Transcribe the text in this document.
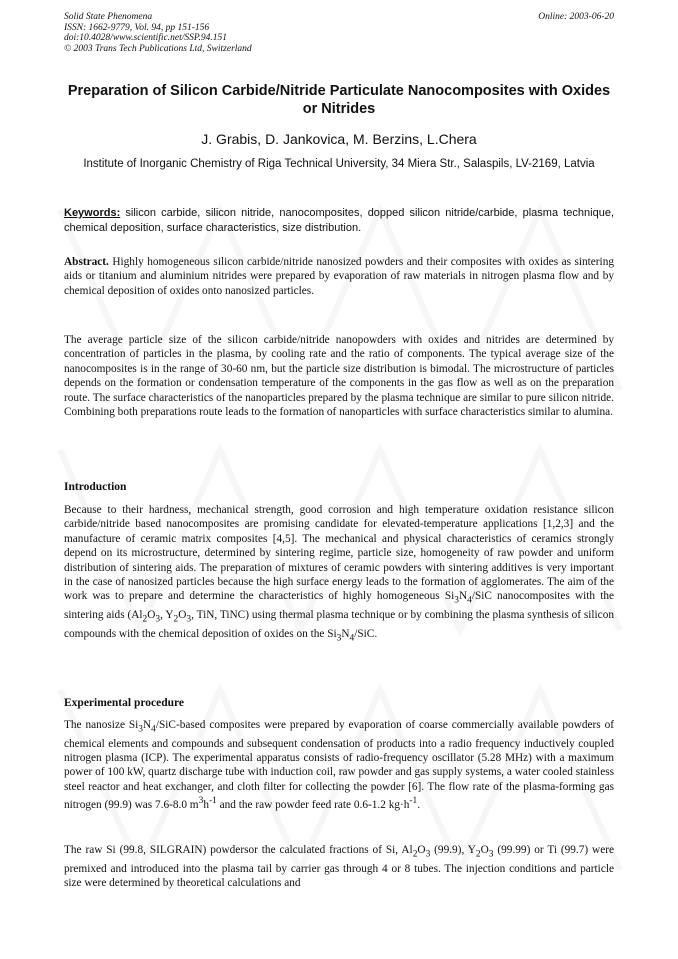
Solid State Phenomena
ISSN: 1662-9779, Vol. 94, pp 151-156
doi:10.4028/www.scientific.net/SSP.94.151
© 2003 Trans Tech Publications Ltd, Switzerland
Online: 2003-06-20
Preparation of Silicon Carbide/Nitride Particulate Nanocomposites with Oxides or Nitrides
J. Grabis, D. Jankovica, M. Berzins, L.Chera
Institute of Inorganic Chemistry of Riga Technical University, 34 Miera Str., Salaspils, LV-2169, Latvia
Keywords: silicon carbide, silicon nitride, nanocomposites, dopped silicon nitride/carbide, plasma technique, chemical deposition, surface characteristics, size distribution.
Abstract. Highly homogeneous silicon carbide/nitride nanosized powders and their composites with oxides as sintering aids or titanium and aluminium nitrides were prepared by evaporation of raw materials in nitrogen plasma flow and by chemical deposition of oxides onto nanosized particles.
The average particle size of the silicon carbide/nitride nanopowders with oxides and nitrides are determined by concentration of particles in the plasma, by cooling rate and the ratio of components. The typical average size of the nanocomposites is in the range of 30-60 nm, but the particle size distribution is bimodal. The microstructure of particles depends on the formation or condensation temperature of the components in the gas flow as well as on the preparation route. The surface characteristics of the nanoparticles prepared by the plasma technique are similar to pure silicon nitride. Combining both preparations route leads to the formation of nanoparticles with surface characteristics similar to alumina.
Introduction
Because to their hardness, mechanical strength, good corrosion and high temperature oxidation resistance silicon carbide/nitride based nanocomposites are promising candidate for elevated-temperature applications [1,2,3] and the manufacture of ceramic matrix composites [4,5]. The mechanical and physical characteristics of ceramics strongly depend on its microstructure, determined by sintering regime, particle size, homogeneity of raw powder and uniform distribution of sintering aids. The preparation of mixtures of ceramic powders with sintering additives is very important in the case of nanosized particles because the high surface energy leads to the formation of agglomerates. The aim of the work was to prepare and determine the characteristics of highly homogeneous $Si_3N_4$/SiC nanocomposites with the sintering aids ($Al_2O_3$, $Y_2O_3$, TiN, TiNC) using thermal plasma technique or by combining the plasma synthesis of silicon compounds with the chemical deposition of oxides on the $Si_3N_4$/SiC.
Experimental procedure
The nanosize $Si_3N_4/SiC$-based composites were prepared by evaporation of coarse commercially available powders of chemical elements and compounds and subsequent condensation of products into a radio frequency inductively coupled nitrogen plasma (ICP). The experimental apparatus consists of radio-frequency oscillator (5.28 MHz) with a maximum power of 100 kW, quartz discharge tube with induction coil, raw powder and gas supply systems, a water cooled stainless steel reactor and heat exchanger, and cloth filter for collecting the powder [6]. The flow rate of the plasma-forming gas nitrogen (99.9) was 7.6-8.0 $m^3h^{-1}$ and the raw powder feed rate 0.6-1.2 $kg\cdot h^{-1}$.
The raw Si (99.8, SILGRAIN) powdersor the calculated fractions of Si, $Al_2O_3$ (99.9), $Y_2O_3$ (99.99) or Ti (99.7) were premixed and introduced into the plasma tail by carrier gas through 4 or 8 tubes. The injection conditions and particle size were determined by theoretical calculations and
